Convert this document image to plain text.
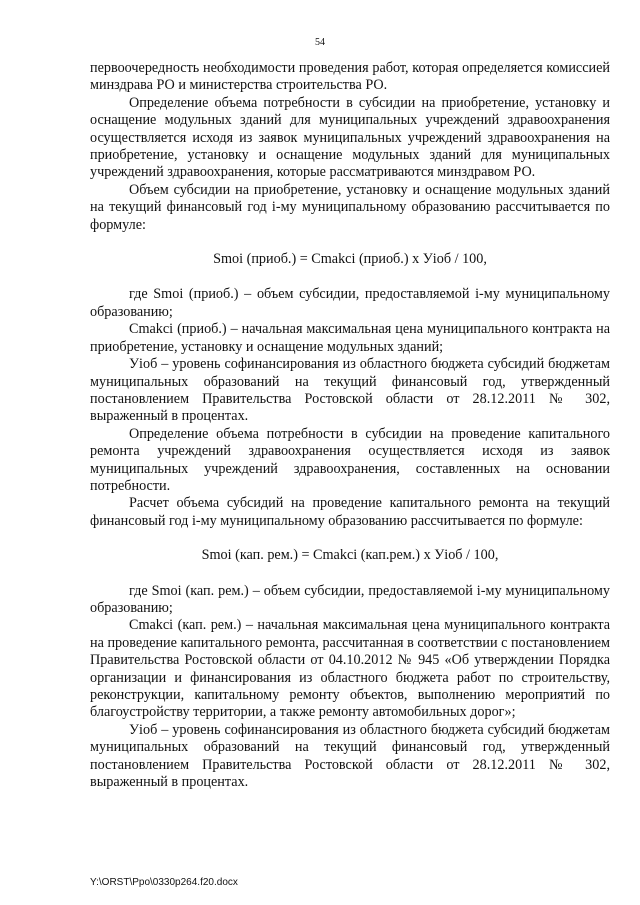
54

первоочередность необходимости проведения работ, которая определяется комиссией минздрава РО и министерства строительства РО.

Определение объема потребности в субсидии на приобретение, установку и оснащение модульных зданий для муниципальных учреждений здравоохранения осуществляется исходя из заявок муниципальных учреждений здравоохранения на приобретение, установку и оснащение модульных зданий для муниципальных учреждений здравоохранения, которые рассматриваются минздравом РО.

Объем субсидии на приобретение, установку и оснащение модульных зданий на текущий финансовый год i-му муниципальному образованию рассчитывается по формуле:

Smoi (приоб.) = Cmakci (приоб.) x Уioб / 100,

где Smoi (приоб.) – объем субсидии, предоставляемой i-му муниципальному образованию;

Cmakci (приоб.) – начальная максимальная цена муниципального контракта на приобретение, установку и оснащение модульных зданий;

Уioб – уровень софинансирования из областного бюджета субсидий бюджетам муниципальных образований на текущий финансовый год, утвержденный постановлением Правительства Ростовской области от 28.12.2011 № 302, выраженный в процентах.

Определение объема потребности в субсидии на проведение капитального ремонта учреждений здравоохранения осуществляется исходя из заявок муниципальных учреждений здравоохранения, составленных на основании потребности.

Расчет объема субсидий на проведение капитального ремонта на текущий финансовый год i-му муниципальному образованию рассчитывается по формуле:

Smoi (кап. рем.) = Cmakci (кап.рем.) x Уioб / 100,

где Smoi (кап. рем.) – объем субсидии, предоставляемой i-му муниципальному образованию;

Cmakci (кап. рем.) – начальная максимальная цена муниципального контракта на проведение капитального ремонта, рассчитанная в соответствии с постановлением Правительства Ростовской области от 04.10.2012 № 945 «Об утверждении Порядка организации и финансирования из областного бюджета работ по строительству, реконструкции, капитальному ремонту объектов, выполнению мероприятий по благоустройству территории, а также ремонту автомобильных дорог»;

Уioб – уровень софинансирования из областного бюджета субсидий бюджетам муниципальных образований на текущий финансовый год, утвержденный постановлением Правительства Ростовской области от 28.12.2011 № 302, выраженный в процентах.

Y:\ORST\Ppo\0330p264.f20.docx
